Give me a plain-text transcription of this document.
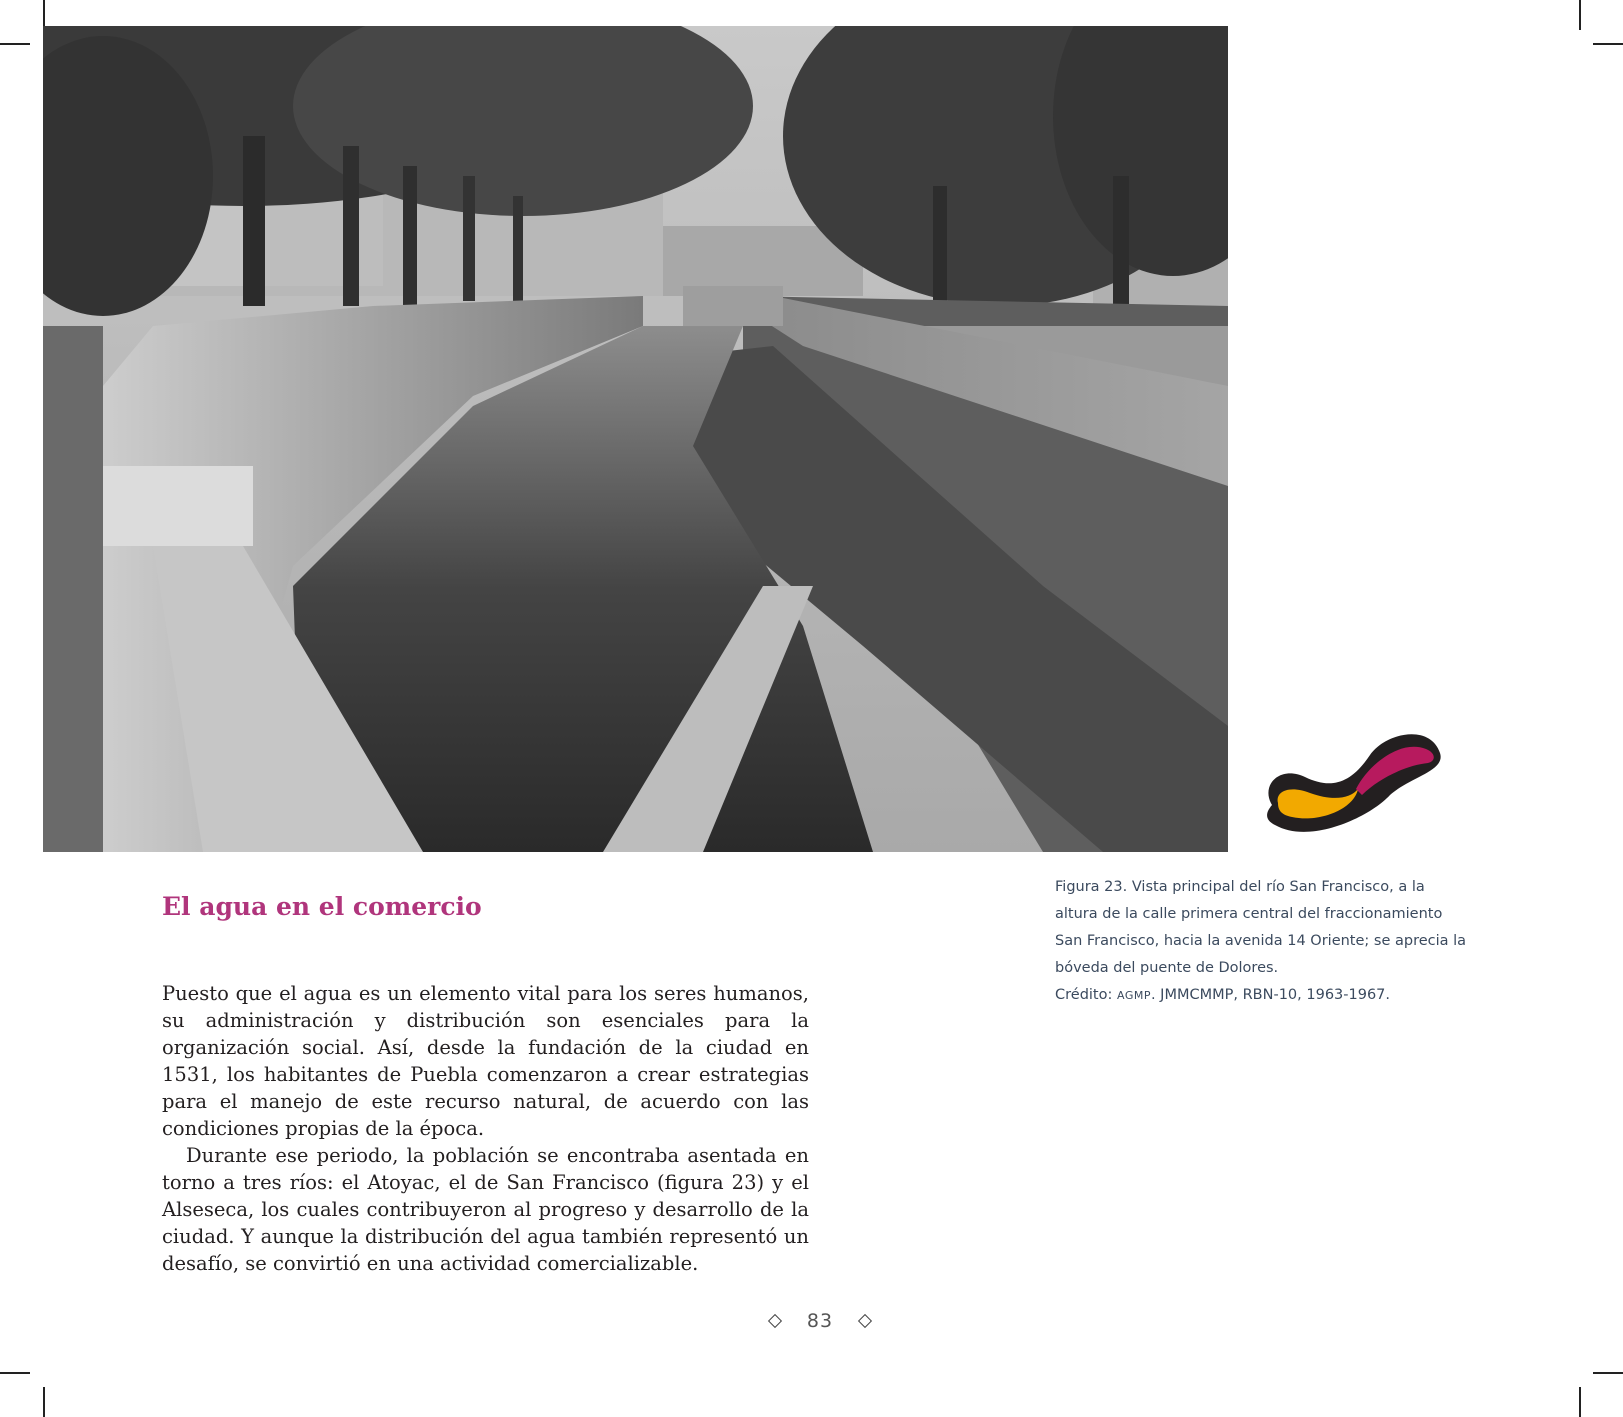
Figura 23. Vista principal del río San Francisco, a la

altura de la calle primera central del fraccionamiento

San Francisco, hacia la avenida 14 Oriente; se aprecia la

bóveda del puente de Dolores.

Crédito: AGMP. JMMCMMP, RBN-10, 1963-1967.

El agua en el comercio

Puesto que el agua es un elemento vital para los seres humanos, su administración y distribución son esenciales para la organización social. Así, desde la fundación de la ciudad en 1531, los habitantes de Puebla comenzaron a crear estrategias para el manejo de este recurso natural, de acuerdo con las condiciones propias de la época.

Durante ese periodo, la población se encontraba asentada en torno a tres ríos: el Atoyac, el de San Francisco (figura 23) y el Alseseca, los cuales contribuyeron al progreso y desarrollo de la ciudad. Y aunque la distribución del agua también representó un desafío, se convirtió en una actividad comercializable.

83
